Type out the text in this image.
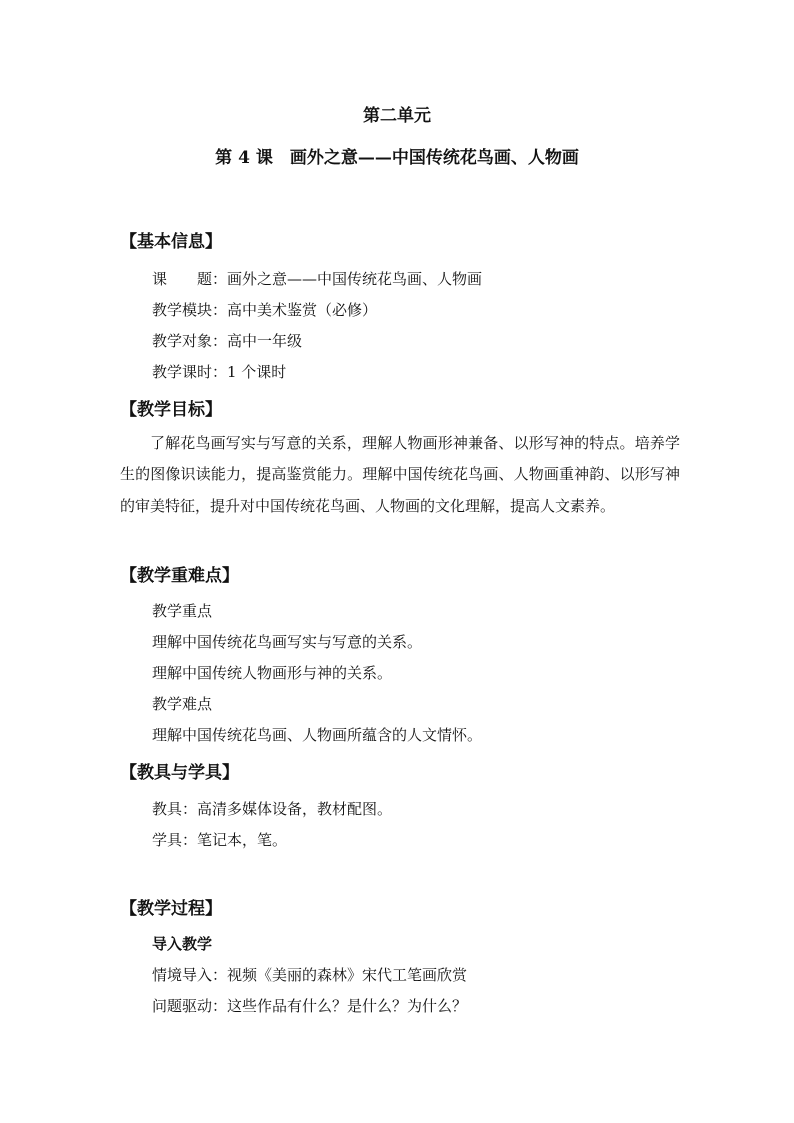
第二单元
第 4 课　画外之意——中国传统花鸟画、人物画
【基本信息】
课　　题：画外之意——中国传统花鸟画、人物画
教学模块：高中美术鉴赏（必修）
教学对象：高中一年级
教学课时：1 个课时
【教学目标】
了解花鸟画写实与写意的关系，理解人物画形神兼备、以形写神的特点。培养学生的图像识读能力，提高鉴赏能力。理解中国传统花鸟画、人物画重神韵、以形写神的审美特征，提升对中国传统花鸟画、人物画的文化理解，提高人文素养。
【教学重难点】
教学重点
理解中国传统花鸟画写实与写意的关系。
理解中国传统人物画形与神的关系。
教学难点
理解中国传统花鸟画、人物画所蕴含的人文情怀。
【教具与学具】
教具：高清多媒体设备，教材配图。
学具：笔记本，笔。
【教学过程】
导入教学
情境导入：视频《美丽的森林》宋代工笔画欣赏
问题驱动：这些作品有什么？是什么？为什么？
